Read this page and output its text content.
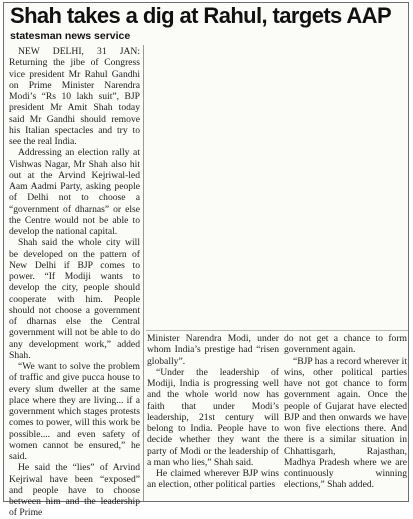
Shah takes a dig at Rahul, targets AAP
statesman news service

NEW DELHI, 31 JAN: Returning the jibe of Congress vice president Mr Rahul Gandhi on Prime Minister Narendra Modi’s “Rs 10 lakh suit”, BJP president Mr Amit Shah today said Mr Gandhi should remove his Italian spectacles and try to see the real India.

Addressing an election rally at Vishwas Nagar, Mr Shah also hit out at the Arvind Kejriwal-led Aam Aadmi Party, asking people of Delhi not to choose a “government of dharnas” or else the Centre would not be able to develop the national capital.

Shah said the whole city will be developed on the pattern of New Delhi if BJP comes to power. “If Modiji wants to develop the city, people should cooperate with him. People should not choose a government of dharnas else the Central government will not be able to do any development work,” added Shah.

“We want to solve the problem of traffic and give pucca house to every slum dweller at the same place where they are living... if a government which stages protests comes to power, will this work be possible.... and even safety of women cannot be ensured,” he said.

He said the “lies” of Arvind Kejriwal have been “exposed” and people have to choose between him and the leadership of Prime

Minister Narendra Modi, under whom India’s prestige had “risen globally”.

“Under the leadership of Modiji, India is progressing well and the whole world now has faith that under Modi’s leadership, 21st century will belong to India. People have to decide whether they want the party of Modi or the leadership of a man who lies,” Shah said.

He claimed wherever BJP wins an election, other political parties

do not get a chance to form government again.

“BJP has a record wherever it wins, other political parties have not got chance to form government again. Once the people of Gujarat have elected BJP and then onwards we have won five elections there. And there is a similar situation in Chhattisgarh, Rajasthan, Madhya Pradesh where we are continuously winning elections,” Shah added.
